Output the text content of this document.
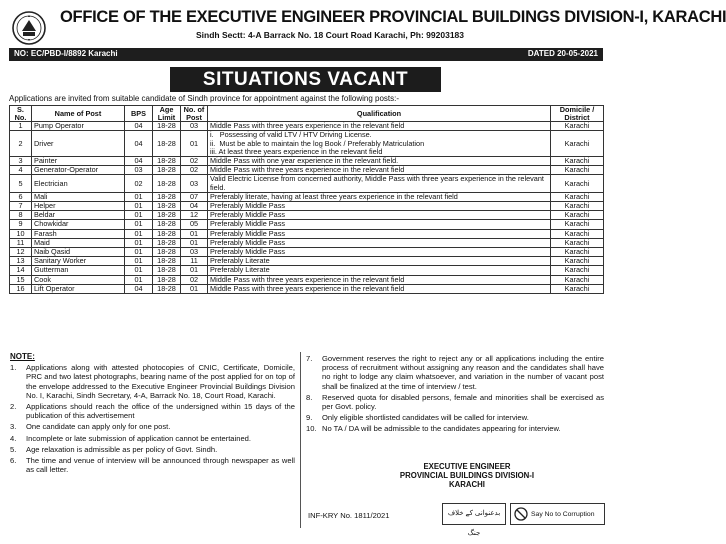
OFFICE OF THE EXECUTIVE ENGINEER PROVINCIAL BUILDINGS DIVISION-I, KARACHI
Sindh Sectt: 4-A Barrack No. 18 Court Road Karachi, Ph: 99203183
NO: EC/PBD-I/8892 Karachi	DATED 20-05-2021
SITUATIONS VACANT
Applications are invited from suitable candidate of Sindh province for appointment against the following posts:-
S. No.	Name of Post	BPS	Age Limit	No. of Post	Qualification	Domicile / District
1	Pump Operator	04	18-28	03	Middle Pass with three years experience in the relevant field	Karachi
2	Driver	04	18-28	01	i.   Possessing of valid LTV / HTV Driving License.
ii.  Must be able to maintain the log Book / Preferably Matriculation
iii. At least three years experience in the relevant field	Karachi
3	Painter	04	18-28	02	Middle Pass with one year experience in the relevant field.	Karachi
4	Generator-Operator	03	18-28	02	Middle Pass with three years experience in the relevant field	Karachi
5	Electrician	02	18-28	03	Valid Electric License from concerned authority, Middle Pass with three years experience in the relevant field.	Karachi
6	Mali	01	18-28	07	Preferably literate, having at least three years experience in the relevant field	Karachi
7	Helper	01	18-28	04	Preferably Middle Pass	Karachi
8	Beldar	01	18-28	12	Preferably Middle Pass	Karachi
9	Chowkidar	01	18-28	05	Preferably Middle Pass	Karachi
10	Farash	01	18-28	01	Preferably Middle Pass	Karachi
11	Maid	01	18-28	01	Preferably Middle Pass	Karachi
12	Naib Qasid	01	18-28	03	Preferably Middle Pass	Karachi
13	Sanitary Worker	01	18-28	11	Preferably Literate	Karachi
14	Gutterman	01	18-28	01	Preferably Literate	Karachi
15	Cook	01	18-28	02	Middle Pass with three years experience in the relevant field	Karachi
16	Lift Operator	04	18-28	01	Middle Pass with three years experience in the relevant field	Karachi
NOTE:
1.	Applications along with attested photocopies of CNIC, Certificate, Domicile, PRC and two latest photographs, bearing name of the post applied for on top of the envelope addressed to the Executive Engineer Provincial Buildings Division No. I, Karachi, Sindh Secretary, 4-A, Barrack No. 18, Court Road, Karachi.
2.	Applications should reach the office of the undersigned within 15 days of the publication of this advertisement
3.	One candidate can apply only for one post.
4.	Incomplete or late submission of application cannot be entertained.
5.	Age relaxation is admissible as per policy of Govt. Sindh.
6.	The time and venue of interview will be announced through newspaper as well as call letter.
7.	Government reserves the right to reject any or all applications including the entire process of recruitment without assigning any reason and the candidates shall have no right to lodge any claim whatsoever, and variation in the number of vacant post shall be finalized at the time of interview / test.
8.	Reserved quota for disabled persons, female and minorities shall be exercised as per Govt. policy.
9.	Only eligible shortlisted candidates will be called for interview.
10. No TA / DA will be admissible to the candidates appearing for interview.
EXECUTIVE ENGINEER
PROVINCIAL BUILDINGS DIVISION-I
KARACHI
INF-KRY No. 1811/2021	بدعنوانی کے خلاف جنگ
Say No to Corruption
